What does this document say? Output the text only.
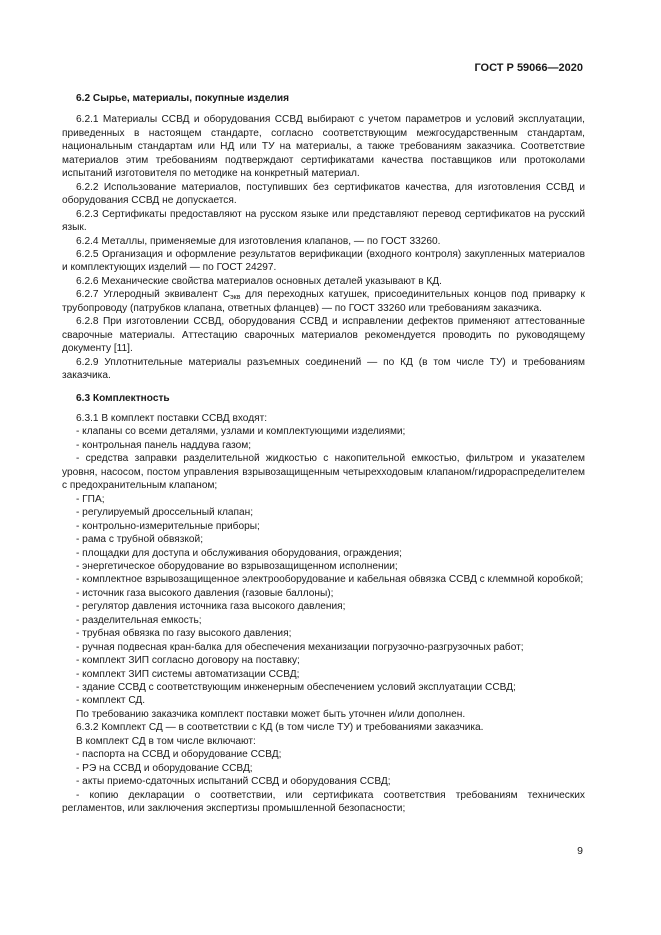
ГОСТ Р 59066—2020

6.2 Сырье, материалы, покупные изделия

6.2.1 Материалы ССВД и оборудования ССВД выбирают с учетом параметров и условий эксплуатации, приведенных в настоящем стандарте, согласно соответствующим межгосударственным стандартам, национальным стандартам или НД или ТУ на материалы, а также требованиям заказчика. Соответствие материалов этим требованиям подтверждают сертификатами качества поставщиков или протоколами испытаний изготовителя по методике на конкретный материал.

6.2.2 Использование материалов, поступивших без сертификатов качества, для изготовления ССВД и оборудования ССВД не допускается.

6.2.3 Сертификаты предоставляют на русском языке или представляют перевод сертификатов на русский язык.

6.2.4 Металлы, применяемые для изготовления клапанов, — по ГОСТ 33260.

6.2.5 Организация и оформление результатов верификации (входного контроля) закупленных материалов и комплектующих изделий — по ГОСТ 24297.

6.2.6 Механические свойства материалов основных деталей указывают в КД.

6.2.7 Углеродный эквивалент $С_{экв}$ для переходных катушек, присоединительных концов под приварку к трубопроводу (патрубков клапана, ответных фланцев) — по ГОСТ 33260 или требованиям заказчика.

6.2.8 При изготовлении ССВД, оборудования ССВД и исправлении дефектов применяют аттестованные сварочные материалы. Аттестацию сварочных материалов рекомендуется проводить по руководящему документу [11].

6.2.9 Уплотнительные материалы разъемных соединений — по КД (в том числе ТУ) и требованиям заказчика.

6.3 Комплектность

6.3.1 В комплект поставки ССВД входят:

- клапаны со всеми деталями, узлами и комплектующими изделиями;

- контрольная панель наддува газом;

- средства заправки разделительной жидкостью с накопительной емкостью, фильтром и указателем уровня, насосом, постом управления взрывозащищенным четырехходовым клапаном/гидрораспределителем с предохранительным клапаном;

- ГПА;

- регулируемый дроссельный клапан;

- контрольно-измерительные приборы;

- рама с трубной обвязкой;

- площадки для доступа и обслуживания оборудования, ограждения;

- энергетическое оборудование во взрывозащищенном исполнении;

- комплектное взрывозащищенное электрооборудование и кабельная обвязка ССВД с клеммной коробкой;

- источник газа высокого давления (газовые баллоны);

- регулятор давления источника газа высокого давления;

- разделительная емкость;

- трубная обвязка по газу высокого давления;

- ручная подвесная кран-балка для обеспечения механизации погрузочно-разгрузочных работ;

- комплект ЗИП согласно договору на поставку;

- комплект ЗИП системы автоматизации ССВД;

- здание ССВД с соответствующим инженерным обеспечением условий эксплуатации ССВД;

- комплект СД.

По требованию заказчика комплект поставки может быть уточнен и/или дополнен.

6.3.2 Комплект СД — в соответствии с КД (в том числе ТУ) и требованиями заказчика.

В комплект СД в том числе включают:

- паспорта на ССВД и оборудование ССВД;

- РЭ на ССВД и оборудование ССВД;

- акты приемо-сдаточных испытаний ССВД и оборудования ССВД;

- копию декларации о соответствии, или сертификата соответствия требованиям технических регламентов, или заключения экспертизы промышленной безопасности;

9
